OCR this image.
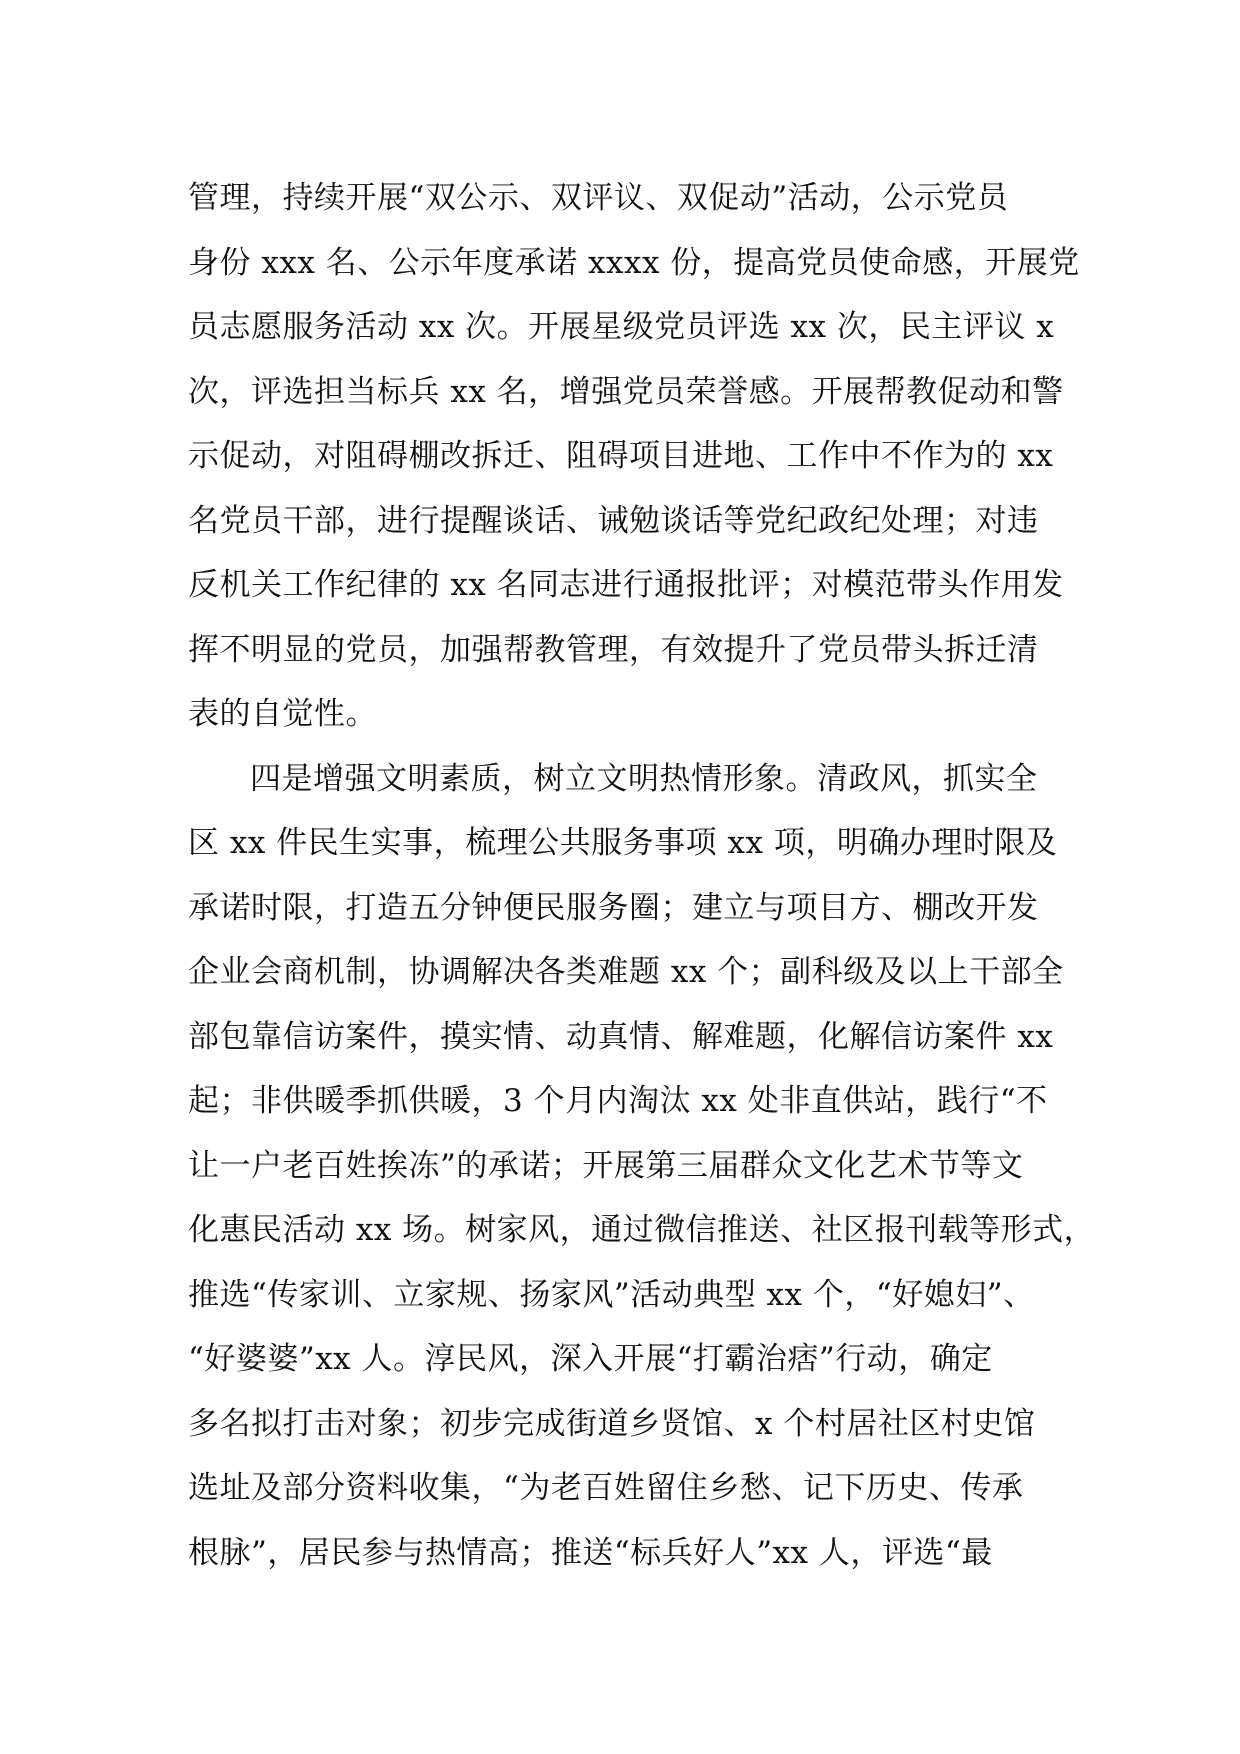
管理，持续开展“双公示、双评议、双促动”活动，公示党员
身份 xxx 名、公示年度承诺 xxxx 份，提高党员使命感，开展党
员志愿服务活动 xx 次。开展星级党员评选 xx 次，民主评议 x
次，评选担当标兵 xx 名，增强党员荣誉感。开展帮教促动和警
示促动，对阻碍棚改拆迁、阻碍项目进地、工作中不作为的 xx
名党员干部，进行提醒谈话、诫勉谈话等党纪政纪处理；对违
反机关工作纪律的 xx 名同志进行通报批评；对模范带头作用发
挥不明显的党员，加强帮教管理，有效提升了党员带头拆迁清
表的自觉性。
四是增强文明素质，树立文明热情形象。清政风，抓实全
区 xx 件民生实事，梳理公共服务事项 xx 项，明确办理时限及
承诺时限，打造五分钟便民服务圈；建立与项目方、棚改开发
企业会商机制，协调解决各类难题 xx 个；副科级及以上干部全
部包靠信访案件，摸实情、动真情、解难题，化解信访案件 xx
起；非供暖季抓供暖，3 个月内淘汰 xx 处非直供站，践行“不
让一户老百姓挨冻”的承诺；开展第三届群众文化艺术节等文
化惠民活动 xx 场。树家风，通过微信推送、社区报刊载等形式，
推选“传家训、立家规、扬家风”活动典型 xx 个，“好媳妇”、
“好婆婆”xx 人。淳民风，深入开展“打霸治痞”行动，确定
多名拟打击对象；初步完成街道乡贤馆、x 个村居社区村史馆
选址及部分资料收集，“为老百姓留住乡愁、记下历史、传承
根脉”，居民参与热情高；推送“标兵好人”xx 人，评选“最
